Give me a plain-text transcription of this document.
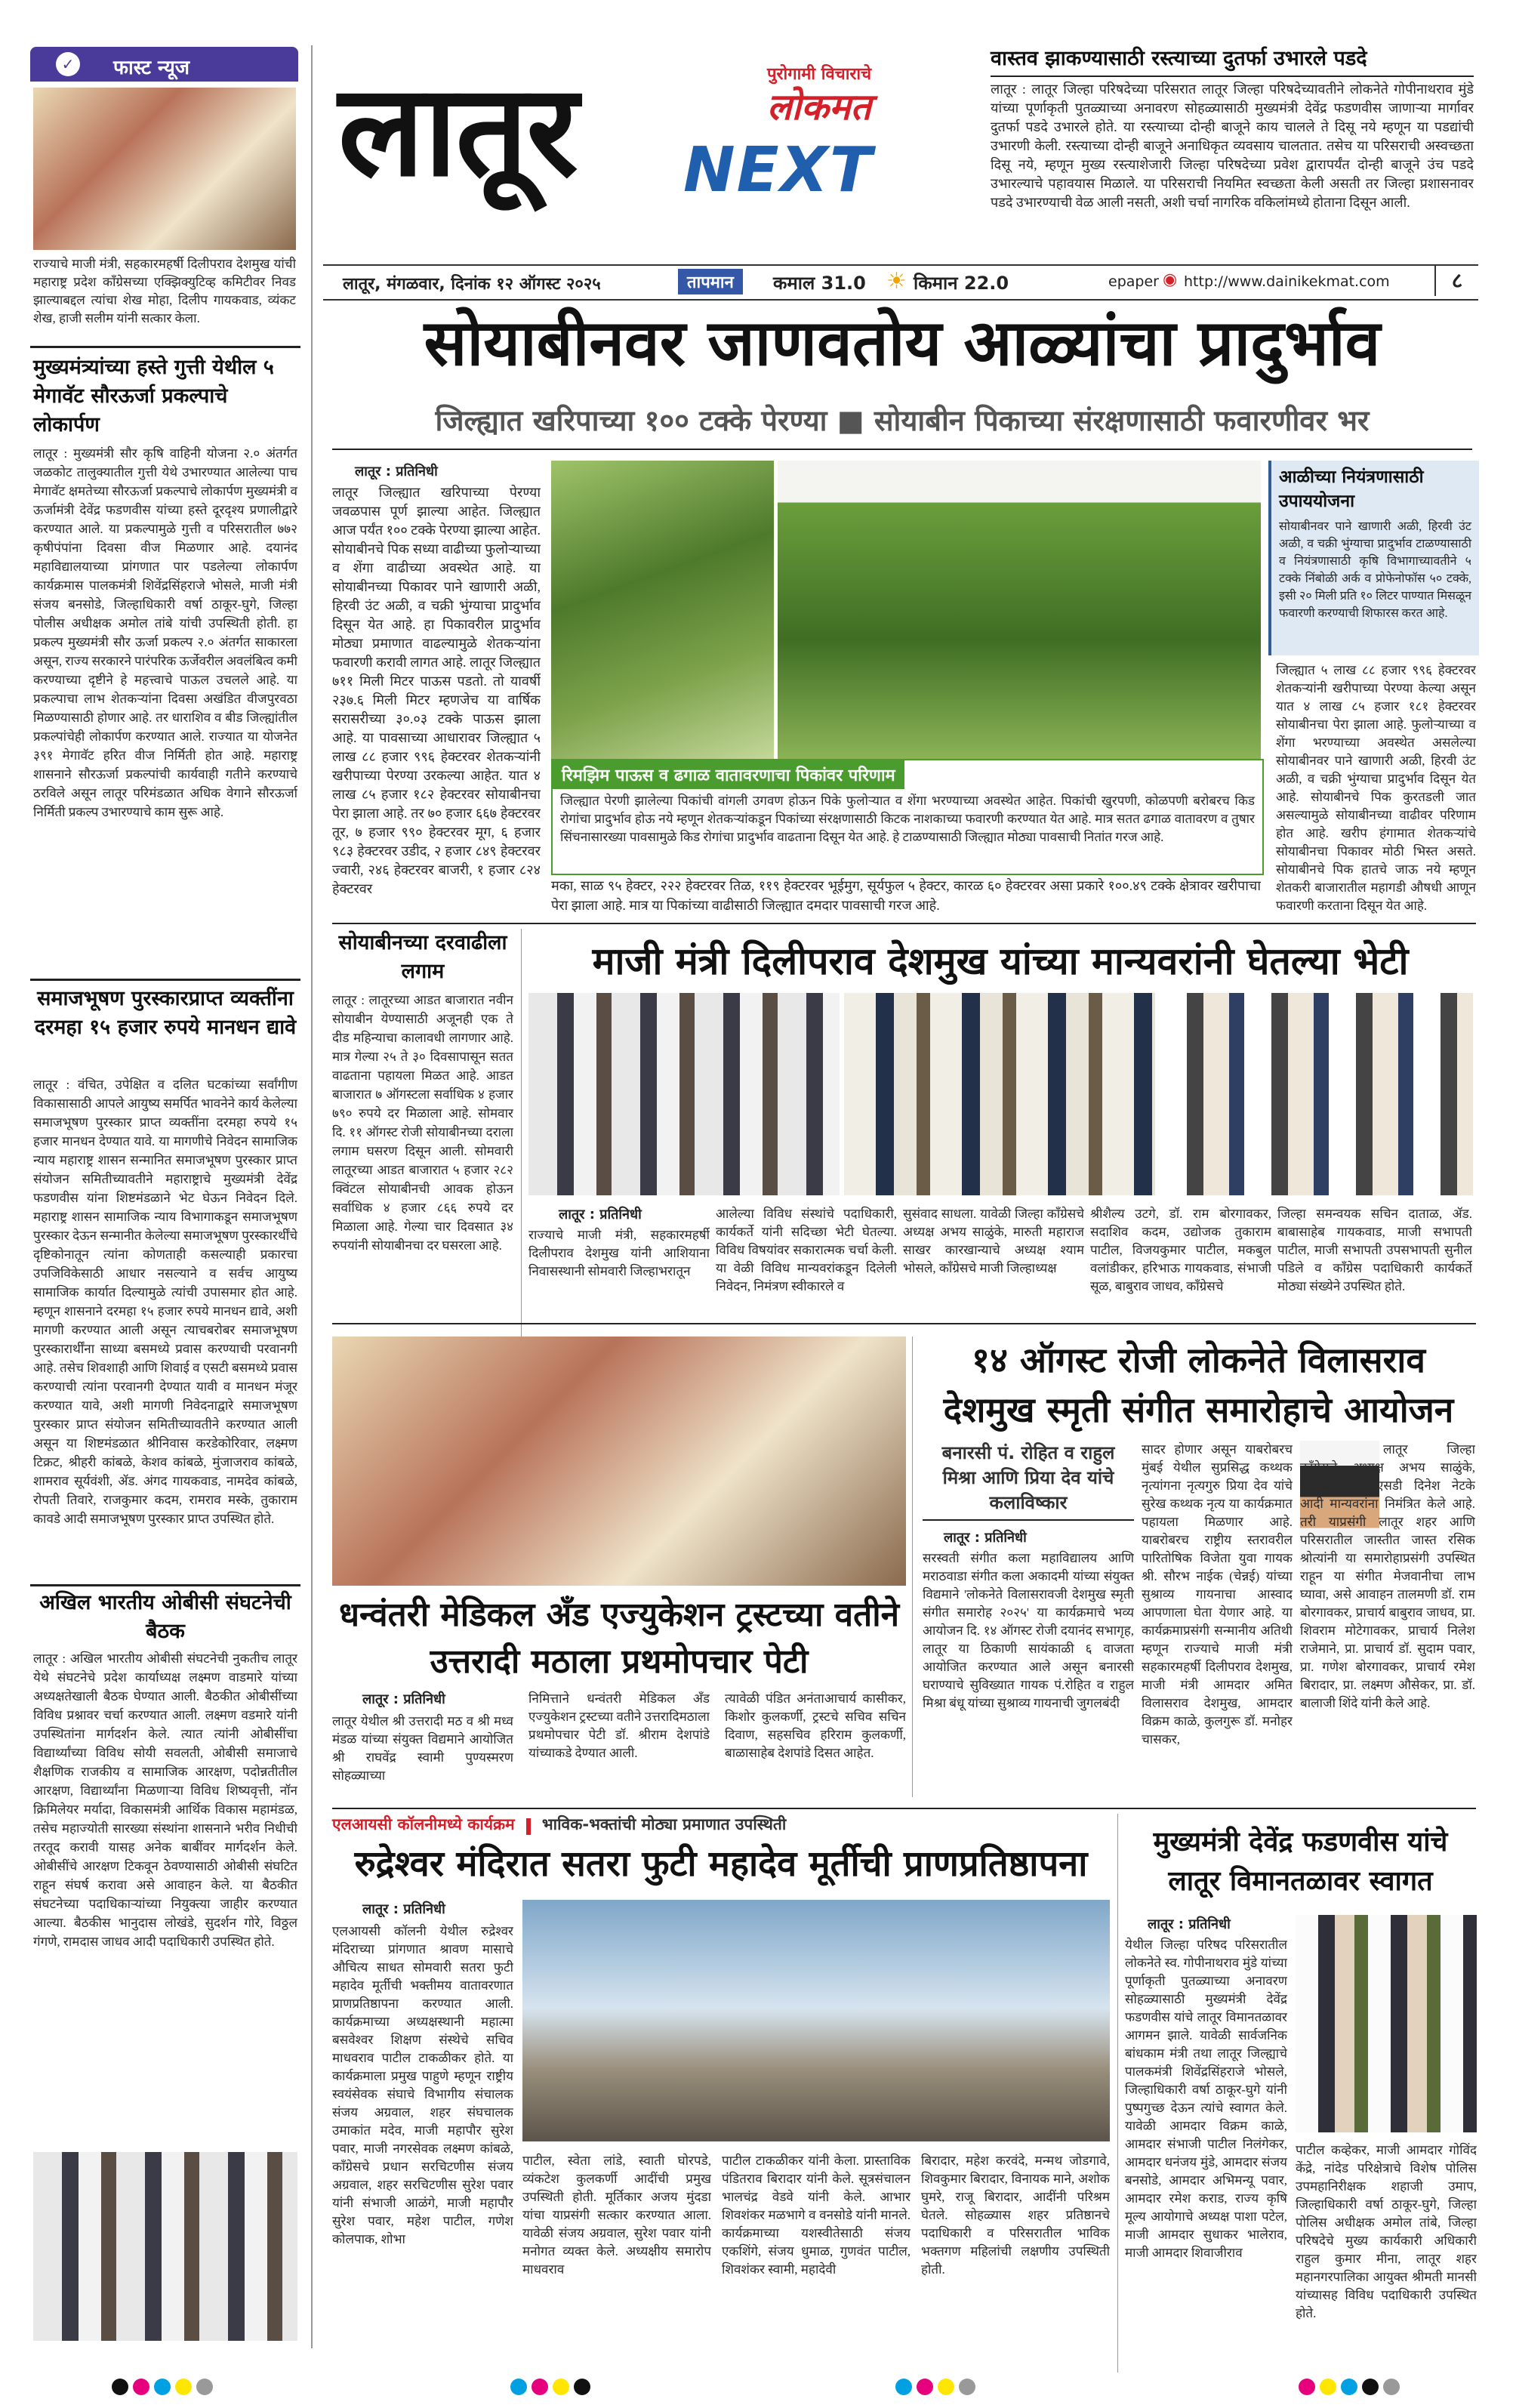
✓ फास्ट न्यूज
राज्याचे माजी मंत्री, सहकारमहर्षी दिलीपराव देशमुख यांची महाराष्ट्र प्रदेश काँग्रेसच्या एक्झिक्युटिव्ह कमिटीवर निवड झाल्याबद्दल त्यांचा शेख मोहा, दिलीप गायकवाड, व्यंकट शेख, हाजी सलीम यांनी सत्कार केला.
मुख्यमंत्र्यांच्या हस्ते गुत्ती येथील ५ मेगावॅट सौरऊर्जा प्रकल्पाचे लोकार्पण
लातूर : मुख्यमंत्री सौर कृषि वाहिनी योजना २.० अंतर्गत जळकोट तालुक्यातील गुत्ती येथे उभारण्यात आलेल्या पाच मेगावॅट क्षमतेच्या सौरऊर्जा प्रकल्पाचे लोकार्पण मुख्यमंत्री व ऊर्जामंत्री देवेंद्र फडणवीस यांच्या हस्ते दूरदृश्य प्रणालीद्वारे करण्यात आले. या प्रकल्पामुळे गुत्ती व परिसरातील ७७२ कृषीपंपांना दिवसा वीज मिळणार आहे. दयानंद महाविद्यालयाच्या प्रांगणात पार पडलेल्या लोकार्पण कार्यक्रमास पालकमंत्री शिवेंद्रसिंहराजे भोसले, माजी मंत्री संजय बनसोडे, जिल्हाधिकारी वर्षा ठाकूर-घुगे, जिल्हा पोलीस अधीक्षक अमोल तांबे यांची उपस्थिती होती. हा प्रकल्प मुख्यमंत्री सौर ऊर्जा प्रकल्प २.० अंतर्गत साकारला असून, राज्य सरकारने पारंपरिक ऊर्जेवरील अवलंबित्व कमी करण्याच्या दृष्टीने हे महत्त्वाचे पाऊल उचलले आहे. या प्रकल्पाचा लाभ शेतकऱ्यांना दिवसा अखंडित वीजपुरवठा मिळण्यासाठी होणार आहे. तर धाराशिव व बीड जिल्ह्यांतील प्रकल्पांचेही लोकार्पण करण्यात आले. राज्यात या योजनेत ३९१ मेगावॅट हरित वीज निर्मिती होत आहे. महाराष्ट्र शासनाने सौरऊर्जा प्रकल्पांची कार्यवाही गतीने करण्याचे ठरविले असून लातूर परिमंडळात अधिक वेगाने सौरऊर्जा निर्मिती प्रकल्प उभारण्याचे काम सुरू आहे.
समाजभूषण पुरस्कारप्राप्त व्यक्तींना दरमहा १५ हजार रुपये मानधन द्यावे
लातूर : वंचित, उपेक्षित व दलित घटकांच्या सर्वांगीण विकासासाठी आपले आयुष्य समर्पित भावनेने कार्य केलेल्या समाजभूषण पुरस्कार प्राप्त व्यक्तींना दरमहा रुपये १५ हजार मानधन देण्यात यावे. या मागणीचे निवेदन सामाजिक न्याय महाराष्ट्र शासन सन्मानित समाजभूषण पुरस्कार प्राप्त संयोजन समितीच्यावतीने महाराष्ट्राचे मुख्यमंत्री देवेंद्र फडणवीस यांना शिष्टमंडळाने भेट घेऊन निवेदन दिले. महाराष्ट्र शासन सामाजिक न्याय विभागाकडून समाजभूषण पुरस्कार देऊन सन्मानीत केलेल्या समाजभूषण पुरस्कारर्थींचे दृष्टिकोनातून त्यांना कोणताही कसल्याही प्रकारचा उपजिविकेसाठी आधार नसल्याने व सर्वच आयुष्य सामाजिक कार्यात दिल्यामुळे त्यांची उपासमार होत आहे. म्हणून शासनाने दरमहा १५ हजार रुपये मानधन द्यावे, अशी मागणी करण्यात आली असून त्याचबरोबर समाजभूषण पुरस्कारार्थींना साध्या बसमध्ये प्रवास करण्याची परवानगी आहे. तसेच शिवशाही आणि शिवाई व एसटी बसमध्ये प्रवास करण्याची त्यांना परवानगी देण्यात यावी व मानधन मंजूर करण्यात यावे, अशी मागणी निवेदनाद्वारे समाजभूषण पुरस्कार प्राप्त संयोजन समितीच्यावतीने करण्यात आली असून या शिष्टमंडळात श्रीनिवास करडेकोरिवार, लक्ष्मण टिक्रट, श्रीहरी कांबळे, केशव कांबळे, मुंजाजराव कांबळे, शामराव सूर्यवंशी, ॲड. अंगद गायकवाड, नामदेव कांबळे, रोपती तिवारे, राजकुमार कदम, रामराव मस्के, तुकाराम कावडे आदी समाजभूषण पुरस्कार प्राप्त उपस्थित होते.
अखिल भारतीय ओबीसी संघटनेची बैठक
लातूर : अखिल भारतीय ओबीसी संघटनेची नुकतीच लातूर येथे संघटनेचे प्रदेश कार्याध्यक्ष लक्ष्मण वाडमारे यांच्या अध्यक्षतेखाली बैठक घेण्यात आली. बैठकीत ओबीसींच्या विविध प्रश्नावर चर्चा करण्यात आली. लक्ष्मण वडमारे यांनी उपस्थितांना मार्गदर्शन केले. त्यात त्यांनी ओबीसींचा विद्यार्थ्यांच्या विविध सोयी सवलती, ओबीसी समाजाचे शैक्षणिक राजकीय व सामाजिक आरक्षण, पदोन्नतीतील आरक्षण, विद्यार्थ्यांना मिळणाऱ्या विविध शिष्यवृत्ती, नॉन क्रिमिलेयर मर्यादा, विकासमंत्री आर्थिक विकास महामंडळ, तसेच महाज्योती सारख्या संस्थांना शासनाने भरीव निधीची तरतूद करावी यासह अनेक बाबींवर मार्गदर्शन केले. ओबीसींचे आरक्षण टिकवून ठेवण्यासाठी ओबीसी संघटित राहून संघर्ष करावा असे आवाहन केले. या बैठकीत संघटनेच्या पदाधिकाऱ्यांच्या नियुक्त्या जाहीर करण्यात आल्या. बैठकीस भानुदास लोखंडे, सुदर्शन गोरे, विठ्ठल गंगणे, रामदास जाधव आदी पदाधिकारी उपस्थित होते.
लातूर NEXT
पुरोगामी विचाराचे
लोकमत
वास्तव झाकण्यासाठी रस्त्याच्या दुतर्फा उभारले पडदे
लातूर : लातूर जिल्हा परिषदेच्या परिसरात लातूर जिल्हा परिषदेच्यावतीने लोकनेते गोपीनाथराव मुंडे यांच्या पूर्णाकृती पुतळ्याच्या अनावरण सोहळ्यासाठी मुख्यमंत्री देवेंद्र फडणवीस जाणाऱ्या मार्गावर दुतर्फा पडदे उभारले होते. या रस्त्याच्या दोन्ही बाजूने काय चालले ते दिसू नये म्हणून या पडद्यांची उभारणी केली. रस्त्याच्या दोन्ही बाजूने अनाधिकृत व्यवसाय चालतात. तसेच या परिसराची अस्वच्छता दिसू नये, म्हणून मुख्य रस्त्याशेजारी जिल्हा परिषदेच्या प्रवेश द्वारापर्यंत दोन्ही बाजूने उंच पडदे उभारल्याचे पहावयास मिळाले. या परिसराची नियमित स्वच्छता केली असती तर जिल्हा प्रशासनावर पडदे उभारण्याची वेळ आली नसती, अशी चर्चा नागरिक वकिलांमध्ये होताना दिसून आली.
लातूर, मंगळवार, दिनांक १२ ऑगस्ट २०२५	तापमान	कमाल 31.0 ☀ किमान 22.0	epaper ◉ http://www.dainikekmat.com	८
सोयाबीनवर जाणवतोय आळ्यांचा प्रादुर्भाव
जिल्ह्यात खरिपाच्या १०० टक्के पेरण्या ■ सोयाबीन पिकाच्या संरक्षणासाठी फवारणीवर भर
लातूर : प्रतिनिधी
लातूर जिल्ह्यात खरिपाच्या पेरण्या जवळपास पूर्ण झाल्या आहेत. जिल्ह्यात आज पर्यंत १०० टक्के पेरण्या झाल्या आहेत. सोयाबीनचे पिक सध्या वाढीच्या फुलोऱ्याच्या व शेंगा वाढीच्या अवस्थेत आहे. या सोयाबीनच्या पिकावर पाने खाणारी अळी, हिरवी उंट अळी, व चक्री भुंग्याचा प्रादुर्भाव दिसून येत आहे. हा पिकावरील प्रादुर्भाव मोठ्या प्रमाणात वाढल्यामुळे शेतकऱ्यांना फवारणी करावी लागत आहे. लातूर जिल्ह्यात ७११ मिली मिटर पाऊस पडतो. तो यावर्षी २३७.६ मिली मिटर म्हणजेच या वार्षिक सरासरीच्या ३०.०३ टक्के पाऊस झाला आहे. या पावसाच्या आधारावर जिल्ह्यात ५ लाख ८८ हजार ९९६ हेक्टरवर शेतकऱ्यांनी खरीपाच्या पेरण्या उरकल्या आहेत. यात ४ लाख ८५ हजार १८२ हेक्टरवर सोयाबीनचा पेरा झाला आहे. तर ७० हजार ६६७ हेक्टरवर तूर, ७ हजार ९९० हेक्टरवर मूग, ६ हजार ९८३ हेक्टरवर उडीद, २ हजार ८४९ हेक्टरवर ज्वारी, २४६ हेक्टरवर बाजरी, १ हजार ८२४ हेक्टरवर
रिमझिम पाऊस व ढगाळ वातावरणाचा पिकांवर परिणाम
जिल्ह्यात पेरणी झालेल्या पिकांची वांगली उगवण होऊन पिके फुलोऱ्यात व शेंगा भरण्याच्या अवस्थेत आहेत. पिकांची खुरपणी, कोळपणी बरोबरच किड रोगांचा प्रादुर्भाव होऊ नये म्हणून शेतकऱ्यांकडून पिकांच्या संरक्षणासाठी किटक नाशकाच्या फवारणी करण्यात येत आहे. मात्र सतत ढगाळ वातावरण व तुषार सिंचनासारख्या पावसामुळे किड रोगांचा प्रादुर्भाव वाढताना दिसून येत आहे. हे टाळण्यासाठी जिल्ह्यात मोठ्या पावसाची नितांत गरज आहे.
मका, साळ ९५ हेक्टर, २२२ हेक्टरवर तिळ, ११९ हेक्टरवर भूईमुग, सूर्यफुल ५ हेक्टर, कारळ ६० हेक्टरवर असा प्रकारे १००.४९ टक्के क्षेत्रावर खरीपाचा पेरा झाला आहे. मात्र या पिकांच्या वाढीसाठी जिल्ह्यात दमदार पावसाची गरज आहे.
आळीच्या नियंत्रणासाठी उपाययोजना
सोयाबीनवर पाने खाणारी अळी, हिरवी उंट अळी, व चक्री भुंग्याचा प्रादुर्भाव टाळण्यासाठी व नियंत्रणासाठी कृषि विभागाच्यावतीने ५ टक्के निंबोळी अर्क व प्रोफेनोफॉस ५० टक्के, इसी २० मिली प्रति १० लिटर पाण्यात मिसळून फवारणी करण्याची शिफारस करत आहे.
जिल्ह्यात ५ लाख ८८ हजार ९९६ हेक्टरवर शेतकऱ्यांनी खरीपाच्या पेरण्या केल्या असून यात ४ लाख ८५ हजार १८१ हेक्टरवर सोयाबीनचा पेरा झाला आहे. फुलोऱ्याच्या व शेंगा भरण्याच्या अवस्थेत असलेल्या सोयाबीनवर पाने खाणारी अळी, हिरवी उंट अळी, व चक्री भुंग्याचा प्रादुर्भाव दिसून येत आहे. सोयाबीनचे पिक कुरतडली जात असल्यामुळे सोयाबीनच्या वाढीवर परिणाम होत आहे. खरीप हंगामात शेतकऱ्यांचे सोयाबीनचा पिकावर मोठी भिस्त असते. सोयाबीनचे पिक हातचे जाऊ नये म्हणून शेतकरी बाजारातील महागडी औषधी आणून फवारणी करताना दिसून येत आहे.
सोयाबीनच्या दरवाढीला लगाम
लातूर : लातूरच्या आडत बाजारात नवीन सोयाबीन येण्यासाठी अजूनही एक ते दीड महिन्याचा कालावधी लागणार आहे. मात्र गेल्या २५ ते ३० दिवसापासून सतत वाढताना पहायला मिळत आहे. आडत बाजारात ७ ऑगस्टला सर्वाधिक ४ हजार ७९० रुपये दर मिळाला आहे. सोमवार दि. ११ ऑगस्ट रोजी सोयाबीनच्या दराला लगाम घसरण दिसून आली. सोमवारी लातूरच्या आडत बाजारात ५ हजार २८२ क्विंटल सोयाबीनची आवक होऊन सर्वाधिक ४ हजार ८६६ रुपये दर मिळाला आहे. गेल्या चार दिवसात ३४ रुपयांनी सोयाबीनचा दर घसरला आहे.
माजी मंत्री दिलीपराव देशमुख यांच्या मान्यवरांनी घेतल्या भेटी
लातूर : प्रतिनिधी
राज्याचे माजी मंत्री, सहकारमहर्षी दिलीपराव देशमुख यांनी आशियाना निवासस्थानी सोमवारी जिल्हाभरातून
आलेल्या विविध संस्थांचे पदाधिकारी, कार्यकर्ते यांनी सदिच्छा भेटी घेतल्या. विविध विषयांवर सकारात्मक चर्चा केली. या वेळी विविध मान्यवरांकडून दिलेली निवेदन, निमंत्रण स्वीकारले व
सुसंवाद साधला. यावेळी जिल्हा काँग्रेसचे अध्यक्ष अभय साळुंके, मारुती महाराज साखर कारखान्याचे अध्यक्ष श्याम भोसले, काँग्रेसचे माजी जिल्हाध्यक्ष
श्रीशैल्य उटगे, डॉ. राम बोरगावकर, सदाशिव कदम, उद्योजक तुकाराम पाटील, विजयकुमार पाटील, मकबुल वलांडीकर, हरिभाऊ गायकवाड, संभाजी सूळ, बाबुराव जाधव, काँग्रेसचे
जिल्हा समन्वयक सचिन दाताळ, ॲड. बाबासाहेब गायकवाड, माजी सभापती पाटील, माजी सभापती उपसभापती सुनील पडिले व काँग्रेस पदाधिकारी कार्यकर्ते मोठ्या संख्येने उपस्थित होते.
धन्वंतरी मेडिकल अँड एज्युकेशन ट्रस्टच्या वतीने उत्तरादी मठाला प्रथमोपचार पेटी
लातूर : प्रतिनिधी
लातूर येथील श्री उत्तरादी मठ व श्री मध्व मंडळ यांच्या संयुक्त विद्यमाने आयोजित श्री राघवेंद्र स्वामी पुण्यस्मरण सोहळ्याच्या
निमित्ताने धन्वंतरी मेडिकल अँड एज्युकेशन ट्रस्टच्या वतीने उत्तरादिमठाला प्रथमोपचार पेटी डॉ. श्रीराम देशपांडे यांच्याकडे देण्यात आली.
त्यावेळी पंडित अनंताआचार्य कासीकर, किशोर कुलकर्णी, ट्रस्टचे सचिव सचिन दिवाण, सहसचिव हरिराम कुलकर्णी, बाळासाहेब देशपांडे दिसत आहेत.
१४ ऑगस्ट रोजी लोकनेते विलासराव देशमुख स्मृती संगीत समारोहाचे आयोजन
बनारसी पं. रोहित व राहुल मिश्रा आणि प्रिया देव यांचे कलाविष्कार
लातूर : प्रतिनिधी
सरस्वती संगीत कला महाविद्यालय आणि मराठवाडा संगीत कला अकादमी यांच्या संयुक्त विद्यमाने 'लोकनेते विलासरावजी देशमुख स्मृती संगीत समारोह २०२५' या कार्यक्रमाचे भव्य आयोजन दि. १४ ऑगस्ट रोजी दयानंद सभागृह, लातूर या ठिकाणी सायंकाळी ६ वाजता आयोजित करण्यात आले असून बनारसी घराण्याचे सुविख्यात गायक पं.रोहित व राहुल मिश्रा बंधू यांच्या सुश्राव्य गायनाची जुगलबंदी
सादर होणार असून याबरोबरच मुंबई येथील सुप्रसिद्ध कथ्थक नृत्यांगना नृत्यगुरु प्रिया देव यांचे सुरेख कथ्थक नृत्य या कार्यक्रमात पहायला मिळणार आहे. याबरोबरच राष्ट्रीय स्तरावरील पारितोषिक विजेता युवा गायक श्री. सौरभ नाईक (चेन्नई) यांच्या सुश्राव्य गायनाचा आस्वाद आपणाला घेता येणार आहे. या कार्यक्रमाप्रसंगी सन्मानीय अतिथी म्हणून राज्याचे माजी मंत्री सहकारमहर्षी दिलीपराव देशमुख, माजी मंत्री आमदार अमित विलासराव देशमुख, आमदार विक्रम काळे, कुलगुरू डॉ. मनोहर चासकर,
लातूर जिल्हा काँग्रेसचे अध्यक्ष अभय साळुंके, विद्यापीठाचे ओएसडी दिनेश नेटके आदी मान्यवरांना निमंत्रित केले आहे. तरी याप्रसंगी लातूर शहर आणि परिसरातील जास्तीत जास्त रसिक श्रोत्यांनी या समारोहाप्रसंगी उपस्थित राहून या संगीत मेजवानीचा लाभ घ्यावा, असे आवाहन तालमणी डॉ. राम बोरगावकर, प्राचार्य बाबुराव जाधव, प्रा. शिवराम मोटेगावकर, प्राचार्य निलेश राजेमाने, प्रा. प्राचार्य डॉ. सुदाम पवार, प्रा. गणेश बोरगावकर, प्राचार्य रमेश बिरादार, प्रा. लक्ष्मण औसेकर, प्रा. डॉ. बालाजी शिंदे यांनी केले आहे.
एलआयसी कॉलनीमध्ये कार्यक्रम भाविक-भक्तांची मोठ्या प्रमाणात उपस्थिती
रुद्रेश्वर मंदिरात सतरा फुटी महादेव मूर्तीची प्राणप्रतिष्ठापना
लातूर : प्रतिनिधी
एलआयसी कॉलनी येथील रुद्रेश्वर मंदिराच्या प्रांगणात श्रावण मासाचे औचित्य साधत सोमवारी सतरा फुटी महादेव मूर्तीची भक्तीमय वातावरणात प्राणप्रतिष्ठापना करण्यात आली. कार्यक्रमाच्या अध्यक्षस्थानी महात्मा बसवेश्वर शिक्षण संस्थेचे सचिव माधवराव पाटील टाकळीकर होते. या कार्यक्रमाला प्रमुख पाहुणे म्हणून राष्ट्रीय स्वयंसेवक संघाचे विभागीय संचालक संजय अग्रवाल, शहर संघचालक उमाकांत मदेव, माजी महापौर सुरेश पवार, माजी नगरसेवक लक्ष्मण कांबळे, काँग्रेसचे प्रधान सरचिटणीस संजय अग्रवाल, शहर सरचिटणीस सुरेश पवार यांनी संभाजी आळंगे, माजी महापौर सुरेश पवार, महेश पाटील, गणेश कोलपाक, शोभा
पाटील, स्वेता लांडे, स्वाती घोरपडे, व्यंकटेश कुलकर्णी आदींची प्रमुख उपस्थिती होती. मूर्तिकार अजय मुंदडा यांचा याप्रसंगी सत्कार करण्यात आला. यावेळी संजय अग्रवाल, सुरेश पवार यांनी मनोगत व्यक्त केले. अध्यक्षीय समारोप माधवराव
पाटील टाकळीकर यांनी केला. प्रास्ताविक पंडितराव बिरादार यांनी केले. सूत्रसंचालन भालचंद्र वेडवे यांनी केले. आभार शिवशंकर मळभागे व वनसोडे यांनी मानले. कार्यक्रमाच्या यशस्वीतेसाठी संजय एकशिंगे, संजय धुमाळ, गुणवंत पाटील, शिवशंकर स्वामी, महादेवी
बिरादार, महेश करवंदे, मन्मथ जोडगावे, शिवकुमार बिरादार, विनायक माने, अशोक घुमरे, राजू बिरादार, आदींनी परिश्रम घेतले. सोहळ्यास शहर प्रतिष्ठानचे पदाधिकारी व परिसरातील भाविक भक्तगण महिलांची लक्षणीय उपस्थिती होती.
मुख्यमंत्री देवेंद्र फडणवीस यांचे लातूर विमानतळावर स्वागत
लातूर : प्रतिनिधी
येथील जिल्हा परिषद परिसरातील लोकनेते स्व. गोपीनाथराव मुंडे यांच्या पूर्णाकृती पुतळ्याच्या अनावरण सोहळ्यासाठी मुख्यमंत्री देवेंद्र फडणवीस यांचे लातूर विमानतळावर आगमन झाले. यावेळी सार्वजनिक बांधकाम मंत्री तथा लातूर जिल्ह्याचे पालकमंत्री शिवेंद्रसिंहराजे भोसले, जिल्हाधिकारी वर्षा ठाकूर-घुगे यांनी पुष्पगुच्छ देऊन त्यांचे स्वागत केले. यावेळी आमदार विक्रम काळे, आमदार संभाजी पाटील निलंगेकर, आमदार धनंजय मुंडे, आमदार संजय बनसोडे, आमदार अभिमन्यू पवार, आमदार रमेश कराड, राज्य कृषि मूल्य आयोगाचे अध्यक्ष पाशा पटेल, माजी आमदार सुधाकर भालेराव, माजी आमदार शिवाजीराव
पाटील कव्हेकर, माजी आमदार गोविंद केंद्रे, नांदेड परिक्षेत्राचे विशेष पोलिस उपमहानिरीक्षक शहाजी उमाप, जिल्हाधिकारी वर्षा ठाकूर-घुगे, जिल्हा पोलिस अधीक्षक अमोल तांबे, जिल्हा परिषदेचे मुख्य कार्यकारी अधिकारी राहुल कुमार मीना, लातूर शहर महानगरपालिका आयुक्त श्रीमती मानसी यांच्यासह विविध पदाधिकारी उपस्थित होते.
